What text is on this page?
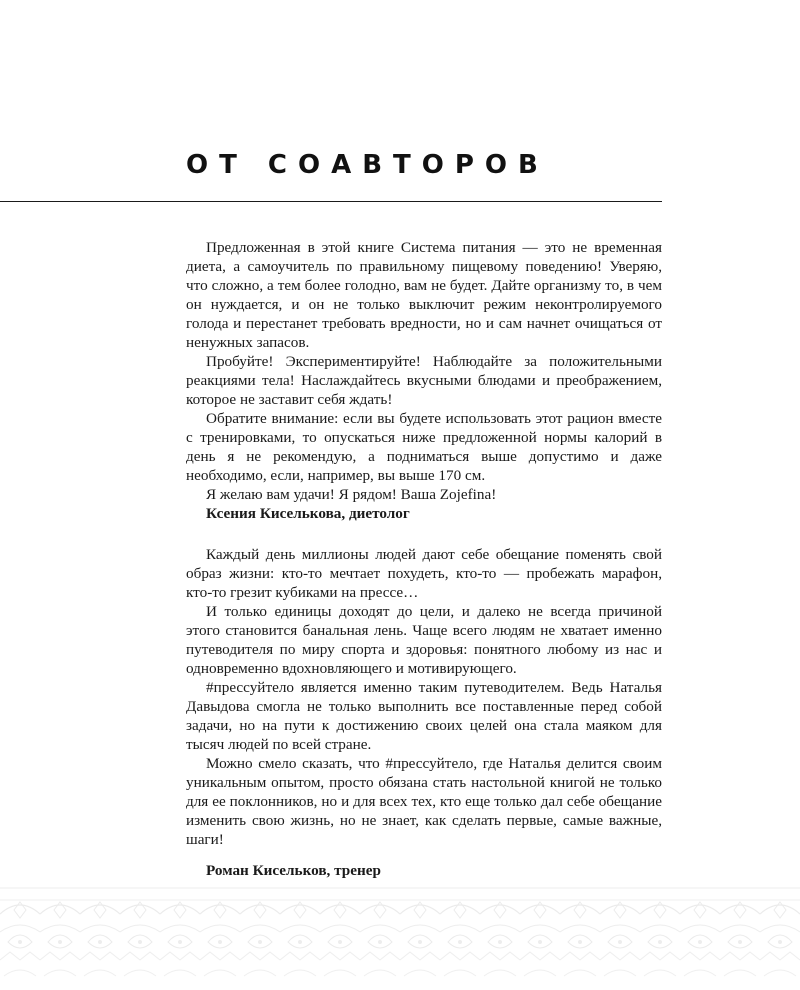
ОТ СОАВТОРОВ

Предложенная в этой книге Система питания — это не временная диета, а самоучитель по правильному пищевому поведению! Уверяю, что сложно, а тем более голодно, вам не будет. Дайте организму то, в чем он нуждается, и он не только выключит режим неконтролируемого голода и перестанет требовать вредности, но и сам начнет очищаться от ненужных запасов.

Пробуйте! Экспериментируйте! Наблюдайте за положительными реакциями тела! Наслаждайтесь вкусными блюдами и преображением, которое не заставит себя ждать!

Обратите внимание: если вы будете использовать этот рацион вместе с тренировками, то опускаться ниже предложенной нормы калорий в день я не рекомендую, а подниматься выше допустимо и даже необходимо, если, например, вы выше 170 см.

Я желаю вам удачи! Я рядом! Ваша Zojefina!

Ксения Киселькова, диетолог

Каждый день миллионы людей дают себе обещание поменять свой образ жизни: кто-то мечтает похудеть, кто-то — пробежать марафон, кто-то грезит кубиками на прессе…

И только единицы доходят до цели, и далеко не всегда причиной этого становится банальная лень. Чаще всего людям не хватает именно путеводителя по миру спорта и здоровья: понятного любому из нас и одновременно вдохновляющего и мотивирующего.

#прессуйтело является именно таким путеводителем. Ведь Наталья Давыдова смогла не только выполнить все поставленные перед собой задачи, но на пути к достижению своих целей она стала маяком для тысяч людей по всей стране.

Можно смело сказать, что #прессуйтело, где Наталья делится своим уникальным опытом, просто обязана стать настольной книгой не только для ее поклонников, но и для всех тех, кто еще только дал себе обещание изменить свою жизнь, но не знает, как сделать первые, самые важные, шаги!

Роман Кисельков, тренер
